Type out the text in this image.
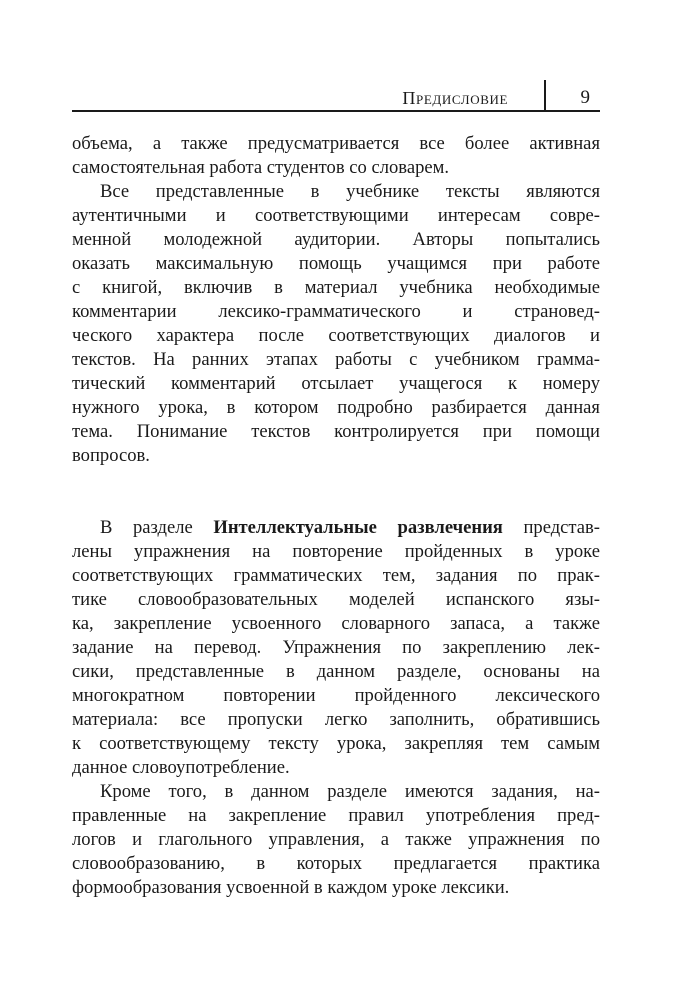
Предисловие	9

объема, а также предусматривается все более активная
самостоятельная работа студентов со словарем.

Все представленные в учебнике тексты являются
аутентичными и соответствующими интересам совре-
менной молодежной аудитории. Авторы попытались
оказать максимальную помощь учащимся при работе
с книгой, включив в материал учебника необходимые
комментарии лексико-грамматического и страновед-
ческого характера после соответствующих диалогов и
текстов. На ранних этапах работы с учебником грамма-
тический комментарий отсылает учащегося к номеру
нужного урока, в котором подробно разбирается данная
тема. Понимание текстов контролируется при помощи
вопросов.

В разделе Интеллектуальные развлечения представ-
лены упражнения на повторение пройденных в уроке
соответствующих грамматических тем, задания по прак-
тике словообразовательных моделей испанского язы-
ка, закрепление усвоенного словарного запаса, а также
задание на перевод. Упражнения по закреплению лек-
сики, представленные в данном разделе, основаны на
многократном повторении пройденного лексического
материала: все пропуски легко заполнить, обратившись
к соответствующему тексту урока, закрепляя тем самым
данное словоупотребление.

Кроме того, в данном разделе имеются задания, на-
правленные на закрепление правил употребления пред-
логов и глагольного управления, а также упражнения по
словообразованию, в которых предлагается практика
формообразования усвоенной в каждом уроке лексики.
